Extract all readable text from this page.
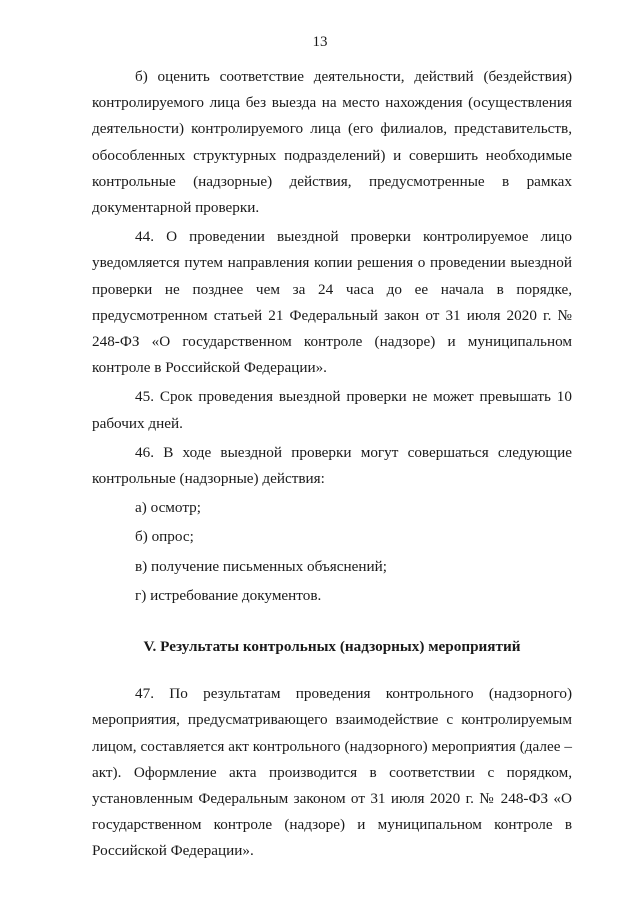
13

б) оценить соответствие деятельности, действий (бездействия) контролируемого лица без выезда на место нахождения (осуществления деятельности) контролируемого лица (его филиалов, представительств, обособленных структурных подразделений) и совершить необходимые контрольные (надзорные) действия, предусмотренные в рамках документарной проверки.

44. О проведении выездной проверки контролируемое лицо уведомляется путем направления копии решения о проведении выездной проверки не позднее чем за 24 часа до ее начала в порядке, предусмотренном статьей 21 Федеральный закон от 31 июля 2020 г. № 248-ФЗ «О государственном контроле (надзоре) и муниципальном контроле в Российской Федерации».

45. Срок проведения выездной проверки не может превышать 10 рабочих дней.

46. В ходе выездной проверки могут совершаться следующие контрольные (надзорные) действия:

а) осмотр;

б) опрос;

в) получение письменных объяснений;

г) истребование документов.

V. Результаты контрольных (надзорных) мероприятий

47. По результатам проведения контрольного (надзорного) мероприятия, предусматривающего взаимодействие с контролируемым лицом, составляется акт контрольного (надзорного) мероприятия (далее – акт). Оформление акта производится в соответствии с порядком, установленным Федеральным законом от 31 июля 2020 г. № 248-ФЗ «О государственном контроле (надзоре) и муниципальном контроле в Российской Федерации».
